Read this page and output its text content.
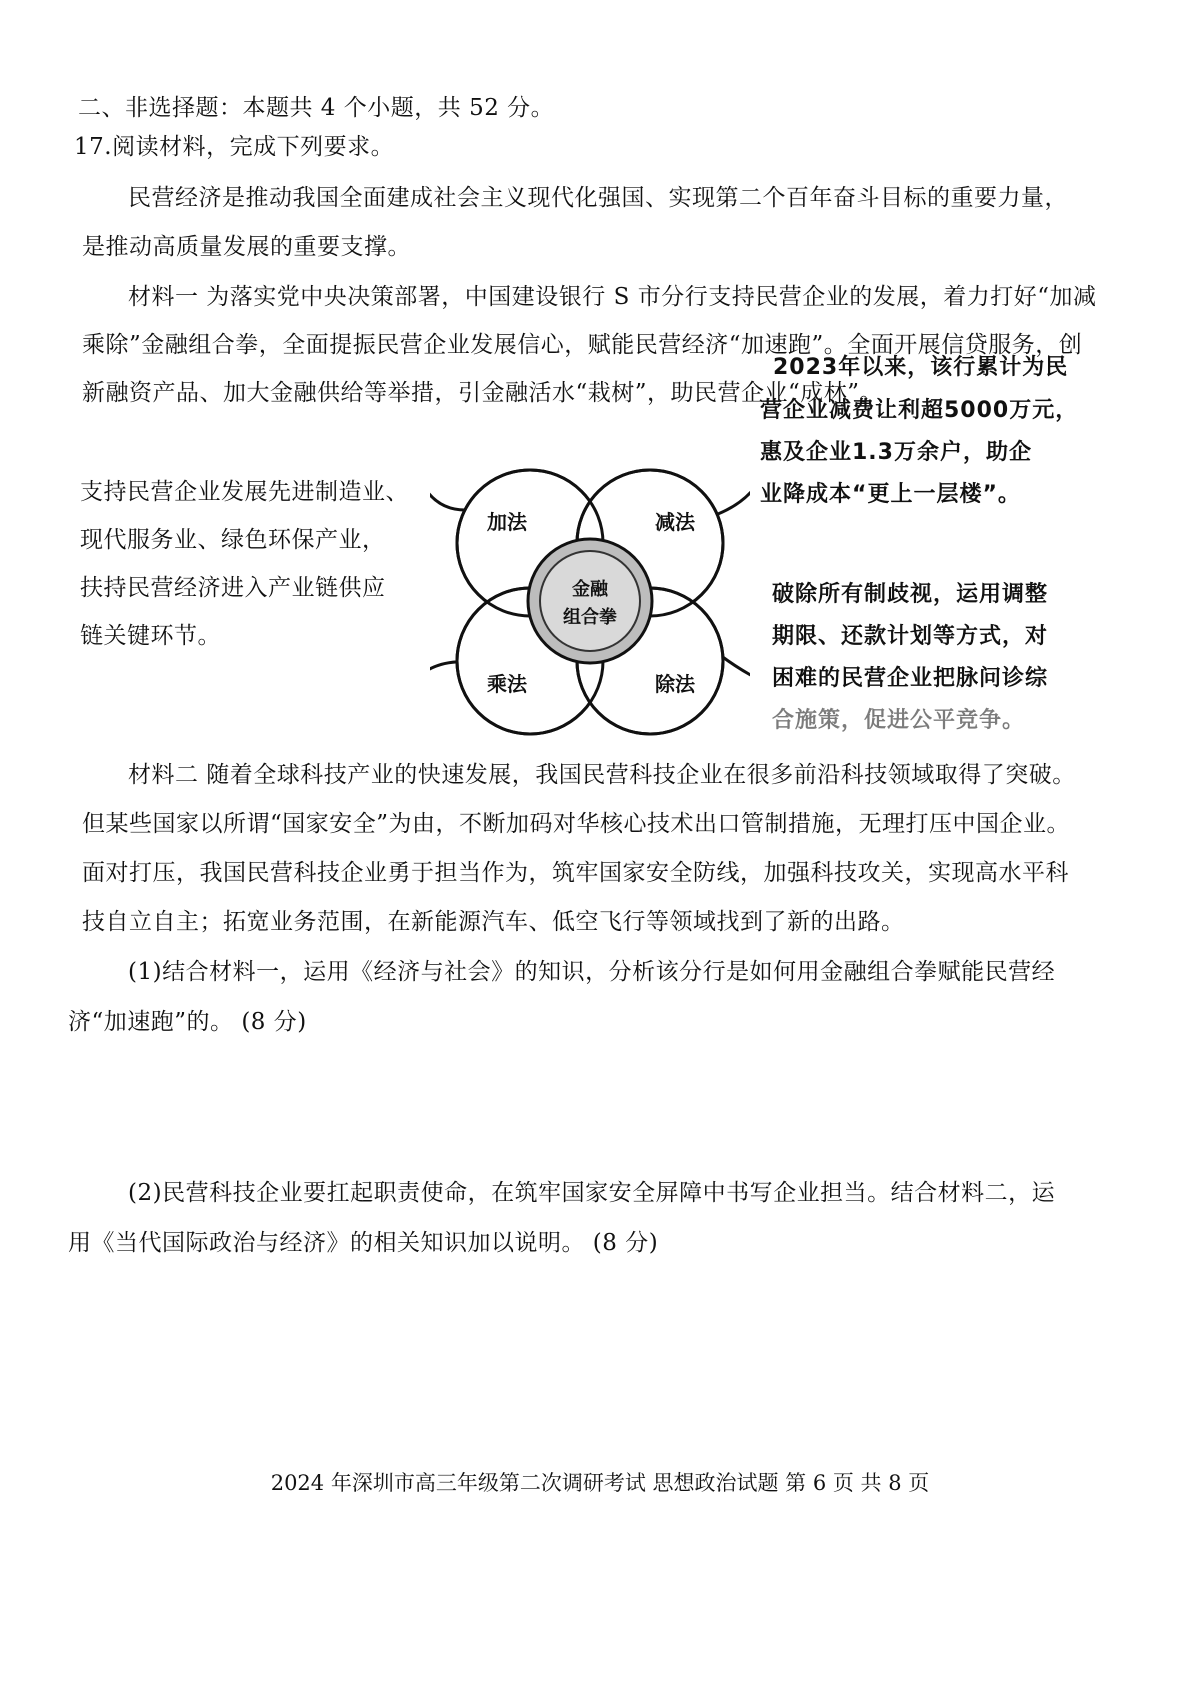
二、非选择题：本题共 4 个小题，共 52 分。
17.阅读材料，完成下列要求。
民营经济是推动我国全面建成社会主义现代化强国、实现第二个百年奋斗目标的重要力量，
是推动高质量发展的重要支撑。
材料一 为落实党中央决策部署，中国建设银行 S 市分行支持民营企业的发展，着力打好“加减
乘除”金融组合拳，全面提振民营企业发展信心，赋能民营经济“加速跑”。全面开展信贷服务，创
新融资产品、加大金融供给等举措，引金融活水“栽树”，助民营企业“成林”。
支持民营企业发展先进制造业、
现代服务业、绿色环保产业，
扶持民营经济进入产业链供应
链关键环节。
2023年以来，该行累计为民
营企业减费让利超5000万元，
惠及企业1.3万余户，助企
业降成本“更上一层楼”。
破除所有制歧视，运用调整
期限、还款计划等方式，对
困难的民营企业把脉问诊综
合施策，促进公平竞争。
加法	减法
乘法	除法
金融
组合拳
材料二 随着全球科技产业的快速发展，我国民营科技企业在很多前沿科技领域取得了突破。
但某些国家以所谓“国家安全”为由，不断加码对华核心技术出口管制措施，无理打压中国企业。
面对打压，我国民营科技企业勇于担当作为，筑牢国家安全防线，加强科技攻关，实现高水平科
技自立自主；拓宽业务范围，在新能源汽车、低空飞行等领域找到了新的出路。
(1)结合材料一，运用《经济与社会》的知识，分析该分行是如何用金融组合拳赋能民营经
济“加速跑”的。 (8 分)
(2)民营科技企业要扛起职责使命，在筑牢国家安全屏障中书写企业担当。结合材料二，运
用《当代国际政治与经济》的相关知识加以说明。 (8 分)
2024 年深圳市高三年级第二次调研考试 思想政治试题 第 6 页 共 8 页
